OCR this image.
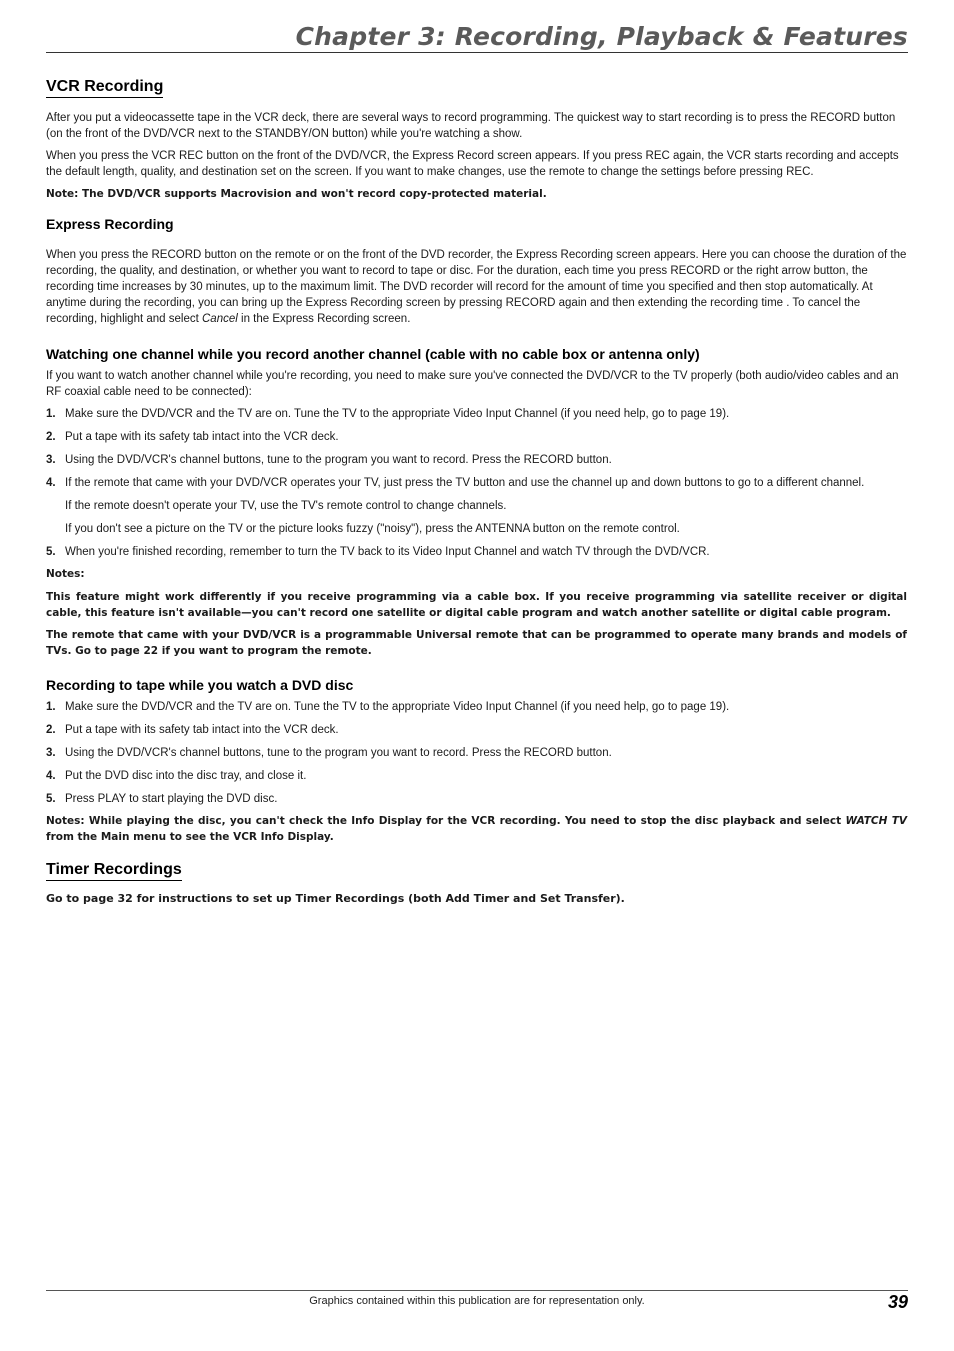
Chapter 3: Recording, Playback & Features
VCR Recording

After you put a videocassette tape in the VCR deck, there are several ways to record programming. The quickest way to start recording is to press the RECORD button (on the front of the DVD/VCR next to the STANDBY/ON button) while you're watching a show.

When you press the VCR REC button on the front of the DVD/VCR, the Express Record screen appears. If you press REC again, the VCR starts recording and accepts the default length, quality, and destination set on the screen. If you want to make changes, use the remote to change the settings before pressing REC.

Note: The DVD/VCR supports Macrovision and won't record copy-protected material.

Express Recording

When you press the RECORD button on the remote or on the front of the DVD recorder, the Express Recording screen appears. Here you can choose the duration of the recording, the quality, and destination, or whether you want to record to tape or disc. For the duration, each time you press RECORD or the right arrow button, the recording time increases by 30 minutes, up to the maximum limit. The DVD recorder will record for the amount of time you specified and then stop automatically. At anytime during the recording, you can bring up the Express Recording screen by pressing RECORD again and then extending the recording time . To cancel the recording, highlight and select Cancel in the Express Recording screen.

Watching one channel while you record another channel (cable with no cable box or antenna only)

If you want to watch another channel while you're recording, you need to make sure you've connected the DVD/VCR to the TV properly (both audio/video cables and an RF coaxial cable need to be connected):

1. Make sure the DVD/VCR and the TV are on. Tune the TV to the appropriate Video Input Channel (if you need help, go to page 19).
2. Put a tape with its safety tab intact into the VCR deck.
3. Using the DVD/VCR's channel buttons, tune to the program you want to record. Press the RECORD button.
4. If the remote that came with your DVD/VCR operates your TV, just press the TV button and use the channel up and down buttons to go to a different channel.

If the remote doesn't operate your TV, use the TV's remote control to change channels.

If you don't see a picture on the TV or the picture looks fuzzy ("noisy"), press the ANTENNA button on the remote control.

5. When you're finished recording, remember to turn the TV back to its Video Input Channel and watch TV through the DVD/VCR.

Notes:

This feature might work differently if you receive programming via a cable box. If you receive programming via satellite receiver or digital cable, this feature isn't available—you can't record one satellite or digital cable program and watch another satellite or digital cable program.

The remote that came with your DVD/VCR is a programmable Universal remote that can be programmed to operate many brands and models of TVs. Go to page 22 if you want to program the remote.

Recording to tape while you watch a DVD disc
1. Make sure the DVD/VCR and the TV are on. Tune the TV to the appropriate Video Input Channel (if you need help, go to page 19).
2. Put a tape with its safety tab intact into the VCR deck.
3. Using the DVD/VCR's channel buttons, tune to the program you want to record. Press the RECORD button.
4. Put the DVD disc into the disc tray, and close it.
5. Press PLAY to start playing the DVD disc.

Notes: While playing the disc, you can't check the Info Display for the VCR recording. You need to stop the disc playback and select WATCH TV from the Main menu to see the VCR Info Display.

Timer Recordings

Go to page 32 for instructions to set up Timer Recordings (both Add Timer and Set Transfer).

Graphics contained within this publication are for representation only.	39
